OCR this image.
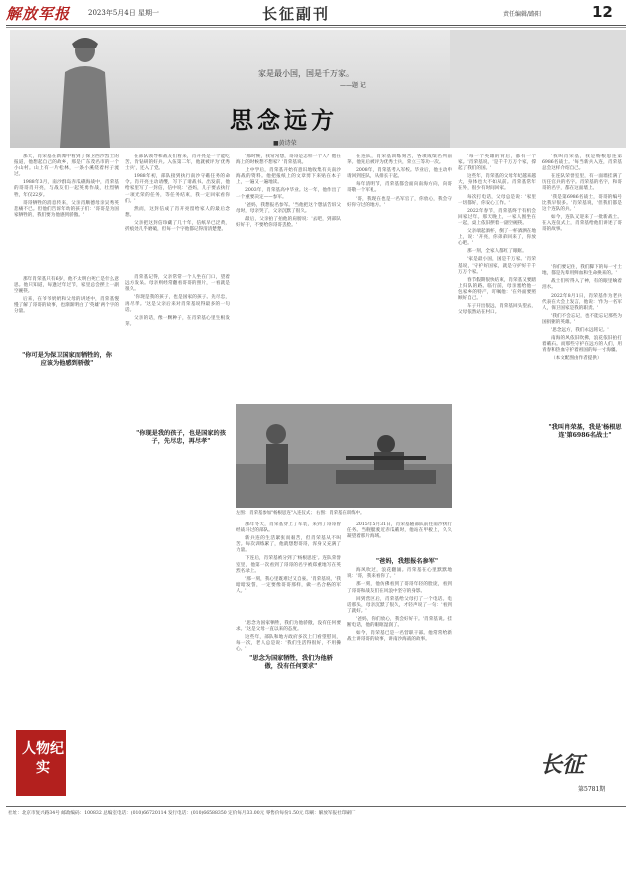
解放军报	2023年5月4日 星期一	长征副刊	责任编辑/路阳	12
家是最小国，国是千万家。
——题 记
思念远方
■黄诗荣

那天，肖荣基在新闻中看到了保卫西沙烈士的报道，他想起自己的故乡，那是广东茂名市的一个小山村。山上有一片松林，一条小溪绕着村子流过。

1988年3月，南沙群岛赤瓜礁海战中，肖荣基的哥哥肖开亮，与战友们一起英勇作战，壮烈牺牲，年仅22岁。

哥哥牺牲的消息传来，父亲肖顺德母亲吴秀英悲痛不已。但他们告诉年幼的孩子们：'哥哥是为国家牺牲的，我们要为他感到骄傲。'

那年肖荣基只有6岁，他不太明白死亡是什么意思。他只知道，每逢过年过节，家里总会摆上一副空碗筷。

后来，在爷爷奶奶和父母的讲述中，肖荣基慢慢了解了哥哥的故事，也渐渐明白了'英雄'两个字的分量。

"你可是为保卫国家而牺牲的，你应该为他感到骄傲"

在部队领导和战友们看来，肖开亮是一个能吃苦、肯钻研的好兵。入伍第二年，他就被评为'优秀士兵'，还入了党。

1988年初，部队接到执行南沙守礁任务的命令。肖开亮主动请缨，写下了请战书。出发前，他给家里写了一封信，信中说：'爸妈，儿子要去执行一项光荣的任务，等任务结束，我一定回家看你们。'

然而，这封信成了肖开亮留给家人的最后念想。

父亲把这封信珍藏了几十年，信纸早已泛黄，折痕处几乎磨破，但每一个字他都记得清清楚楚。

肖荣基记得，父亲常常一个人坐在门口，望着远方发呆。母亲则经常翻看哥哥的照片，一看就是很久。

'你现是我的孩子，也是国家的孩子。先尽忠，再尽孝。'这是父亲后来对肖荣基说得最多的一句话。

父亲的话，像一颗种子，在肖荣基心里生根发芽。

"你现是我的孩子，也是国家的孩子，先尽忠，再尽孝"

'那时候，我常常想，哥哥是怎样一个人？他在海上的时候想不想家？'肖荣基说。

上中学后，肖荣基开始有意识地收集有关南沙海战的资料。他把报纸上的文章剪下来贴在本子上，一遍又一遍地读。

2003年，肖荣基高中毕业。这一年，他作出了一个重要决定——参军。

'爸妈，我想报名参军。'当他把这个想法告诉父母时，母亲哭了，父亲沉默了很久。

最后，父亲拍了拍他的肩膀说：'去吧，到部队好好干，不要给你哥哥丢脸。'

在连队，肖荣基训练刻苦，各项成绩名列前茅。他先后被评为优秀士兵，荣立三等功一次。

2008年，肖荣基考入军校。毕业后，他主动申请回到连队，从排长干起。

每年清明节，肖荣基都会面向南海方向，向哥哥敬一个军礼。

'哥，我现在也是一名军官了，你放心，我会守好你守过的地方。'

左图：肖荣基参加"杨根思连"入连仪式； 右图：肖荣基在训练中。

那年冬天，肖荣基穿上了军装，来到了哥哥曾经战斗过的部队。

新兵连的生活紧张而艰苦，但肖荣基从不叫苦。每次训练累了，他就想想哥哥，浑身又充满了力量。

下连后，肖荣基被分到了'杨根思连'。连队荣誉室里，他第一次看到了哥哥的名字被郑重地写在英烈名录上。

'那一刻，我心里既难过又自豪。'肖荣基说，'我暗暗发誓，一定要像哥哥那样，做一名合格的军人。'

'思念为国家牺牲，我们为他骄傲，没有任何要求。'这是父母一直以来的态度。

这些年，部队和地方政府多次上门看望慰问，每一次，老人总是说：'我们生活得很好，不用操心。'

"思念为国家牺牲，我们为他骄傲，没有任何要求"

2015年5月31日，肖荣基随部队前往南沙执行任务。当舰艇驶近赤瓜礁时，他站在甲板上，久久凝望着那片海域。

海风吹过，浪花翻涌。肖荣基在心里默默地说：'哥，我来看你了。'

那一刻，他仿佛看到了哥哥年轻的脸庞，看到了哥哥和战友们在风浪中坚守的身影。

回到营区后，肖荣基给父母打了一个电话。电话那头，母亲沉默了很久，才轻声说了一句：'看到了就好。'

'爸妈，你们放心，我会好好干。'肖荣基说。挂断电话，他的眼眶湿润了。

如今，肖荣基已是一名营职干部。他常常给新战士讲哥哥的故事，讲南沙海战的故事。

"爸妈，我想报名参军"

'每一个英雄的背后，都有一个家。'肖荣基说，'是千千万万个家，撑起了我们的国。'

这些年，肖荣基的父母年纪越来越大，身体也大不如从前。肖荣基常年在外，很少有时间回家。

每次打电话，父母总是说：'家里一切都好，你安心工作。'

2022年春节，肖荣基终于有机会回家过年。那天晚上，一家人围坐在一起，桌上依旧摆着一副空碗筷。

父亲端起酒杯，倒了一杯酒洒在地上，说：'开亮，你弟弟回来了，你放心吧。'

那一刻，全家人都红了眼眶。

'家是最小国，国是千万家。'肖荣基说，'守护好国家，就是守护好千千万万个家。'

春节假期很快结束，肖荣基又要踏上归队的路。临行前，母亲塞给他一包家乡的特产，叮嘱他：'在外面要照顾好自己。'

车子开出很远，肖荣基回头望去，父母依然站在村口。

'我叫肖荣基，我是杨根思连第6986名战士。'每当新兵入连，肖荣基总会这样介绍自己。

在连队荣誉室里，有一面墙挂满了历任官兵的名字。肖荣基的名字，和哥哥的名字，都在这面墙上。

'我是第6986名战士，哥哥的编号比我早很多。'肖荣基说，'但我们都是这个连队的兵。'

如今，连队又迎来了一批新战士。在入连仪式上，肖荣基给他们讲述了哥哥的故事。

'你们要记住，我们脚下的每一寸土地，都是先辈用鲜血和生命换来的。'

战士们听得入了神，有的眼里噙着泪水。

2022年8月1日，肖荣基作为老兵代表在大会上发言，他说：'作为一名军人，保卫国家是我的职责。'

'我们不会忘记，也不能忘记那些为国捐躯的英雄。'

'思念远方，我们永远铭记。'

南海的风依旧吹拂，浪花依旧拍打着礁石。而那些守护在远方的人们，用青春和热血守护着祖国的每一寸海疆。

（本文配图由作者提供）

"我叫肖荣基，我是'杨根思连'第6986名战士"
人物纪实	长征
第5781期
社址：北京市复兴路34号 邮政编码：100832 总编室电话：(010)66720114 发行电话：(010)66588350 定价每月33.00元 零售价每份1.50元 印刷：解放军报社印刷厂
